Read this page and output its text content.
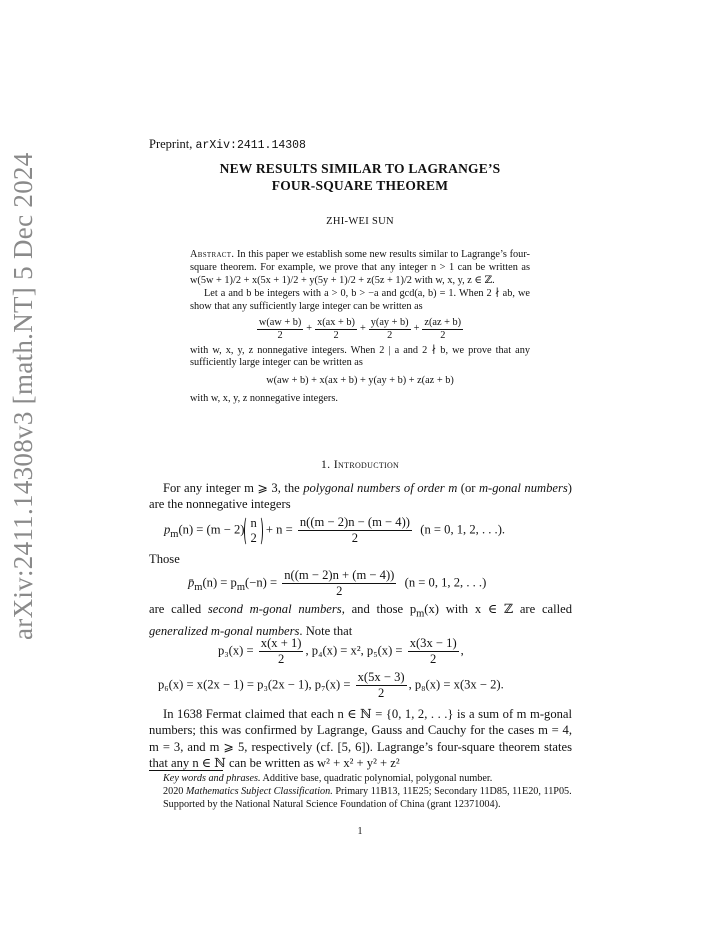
arXiv:2411.14308v3 [math.NT] 5 Dec 2024
Preprint, arXiv:2411.14308
NEW RESULTS SIMILAR TO LAGRANGE’S
FOUR-SQUARE THEOREM
ZHI-WEI SUN

Abstract. In this paper we establish some new results similar to Lagrange’s four-square theorem. For example, we prove that any integer n > 1 can be written as w(5w + 1)/2 + x(5x + 1)/2 + y(5y + 1)/2 + z(5z + 1)/2 with w, x, y, z ∈ ℤ.

Let a and b be integers with a > 0, b > −a and gcd(a, b) = 1. When 2 ∤ ab, we show that any sufficiently large integer can be written as

$\frac{w(aw + b)}{2} + \frac{x(ax + b)}{2} + \frac{y(ay + b)}{2} + \frac{z(az + b)}{2}$

with w, x, y, z nonnegative integers. When 2 | a and 2 ∤ b, we prove that any sufficiently large integer can be written as

w(aw + b) + x(ax + b) + y(ay + b) + z(az + b)

with w, x, y, z nonnegative integers.

1. Introduction

For any integer m ⩾ 3, the polygonal numbers of order m (or m-gonal numbers) are the nonnegative integers

$p_m(n) = (m - 2)$ n
2
+ $n = \frac{n((m - 2)n - (m - 4))}{2} (n = 0$, 1, 2, . . .).

Those

$p̄_m(n) = p_m(-n) = \frac{n((m - 2)n + (m - 4))}{2} (n = 0$, 1, 2, . . .)

are called second m-gonal numbers, and those $p_m(x)$ with x ∈ ℤ are called generalized m-gonal numbers. Note that

$p_3(x) = \frac{x(x + 1)}{2}$ , p₄(x) = x², $p_5(x) = \frac{x(3x - 1)}{2}$ ,
p₆(x) = x(2x − 1) = p₃(2x − 1), $p_7(x) = \frac{x(5x - 3)}{2}$ , p₈(x) = x(3x − 2).

In 1638 Fermat claimed that each n ∈ ℕ = {0, 1, 2, . . .} is a sum of m m-gonal numbers; this was confirmed by Lagrange, Gauss and Cauchy for the cases m = 4, m = 3, and m ⩾ 5, respectively (cf. [5, 6]). Lagrange’s four-square theorem states that any n ∈ ℕ can be written as w² + x² + y² + z²

Key words and phrases. Additive base, quadratic polynomial, polygonal number.

2020 Mathematics Subject Classification. Primary 11B13, 11E25; Secondary 11D85, 11E20, 11P05.

Supported by the National Natural Science Foundation of China (grant 12371004).

1
